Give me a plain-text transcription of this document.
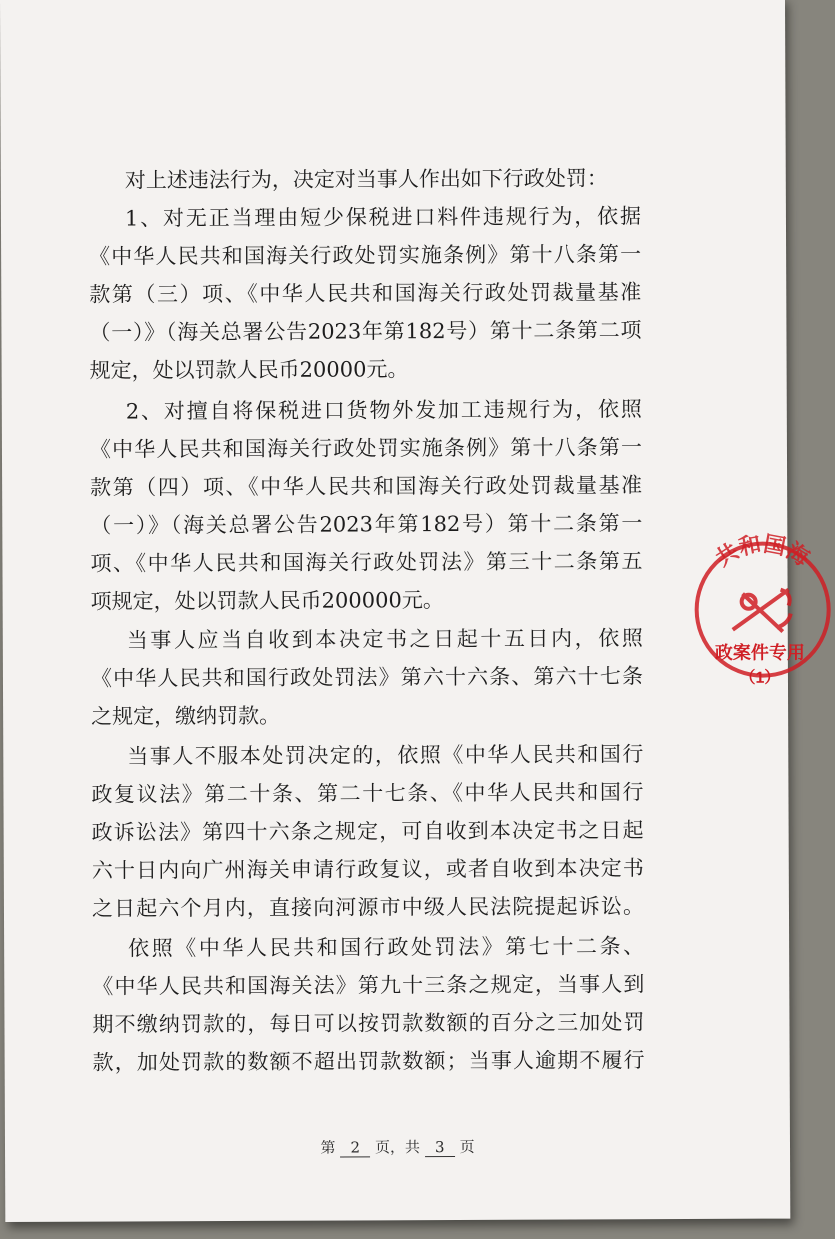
对上述违法行为，决定对当事人作出如下行政处罚：
1、对无正当理由短少保税进口料件违规行为，依据
《中华人民共和国海关行政处罚实施条例》第十八条第一
款第（三）项、《中华人民共和国海关行政处罚裁量基准
（一）》（海关总署公告2023年第182号）第十二条第二项
规定，处以罚款人民币20000元。
2、对擅自将保税进口货物外发加工违规行为，依照
《中华人民共和国海关行政处罚实施条例》第十八条第一
款第（四）项、《中华人民共和国海关行政处罚裁量基准
（一）》（海关总署公告2023年第182号）第十二条第一
项、《中华人民共和国海关行政处罚法》第三十二条第五
项规定，处以罚款人民币200000元。
当事人应当自收到本决定书之日起十五日内，依照
《中华人民共和国行政处罚法》第六十六条、第六十七条
之规定，缴纳罚款。
当事人不服本处罚决定的，依照《中华人民共和国行
政复议法》第二十条、第二十七条、《中华人民共和国行
政诉讼法》第四十六条之规定，可自收到本决定书之日起
六十日内向广州海关申请行政复议，或者自收到本决定书
之日起六个月内，直接向河源市中级人民法院提起诉讼。
依照《中华人民共和国行政处罚法》第七十二条、
《中华人民共和国海关法》第九十三条之规定，当事人到
期不缴纳罚款的，每日可以按罚款数额的百分之三加处罚
款，加处罚款的数额不超出罚款数额；当事人逾期不履行
第 2 页，共 3 页
共和国海
政案件专用
（1）
